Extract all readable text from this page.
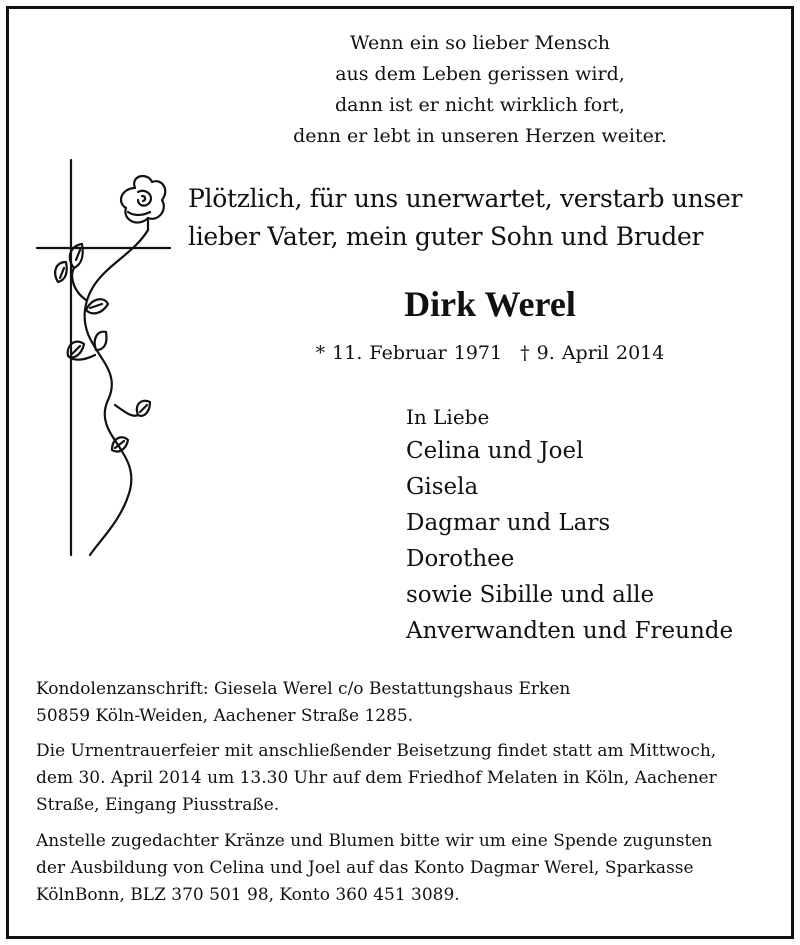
Wenn ein so lieber Mensch
aus dem Leben gerissen wird,
dann ist er nicht wirklich fort,
denn er lebt in unseren Herzen weiter.
Plötzlich, für uns unerwartet, verstarb unser
lieber Vater, mein guter Sohn und Bruder
Dirk Werel
* 11. Februar 1971 † 9. April 2014
In Liebe
Celina und Joel
Gisela
Dagmar und Lars
Dorothee
sowie Sibille und alle
Anverwandten und Freunde

Kondolenzanschrift: Giesela Werel c/o Bestattungshaus Erken

50859 Köln-Weiden, Aachener Straße 1285.

Die Urnentrauerfeier mit anschließender Beisetzung findet statt am Mittwoch,

dem 30. April 2014 um 13.30 Uhr auf dem Friedhof Melaten in Köln, Aachener

Straße, Eingang Piusstraße.

Anstelle zugedachter Kränze und Blumen bitte wir um eine Spende zugunsten

der Ausbildung von Celina und Joel auf das Konto Dagmar Werel, Sparkasse

KölnBonn, BLZ 370 501 98, Konto 360 451 3089.
